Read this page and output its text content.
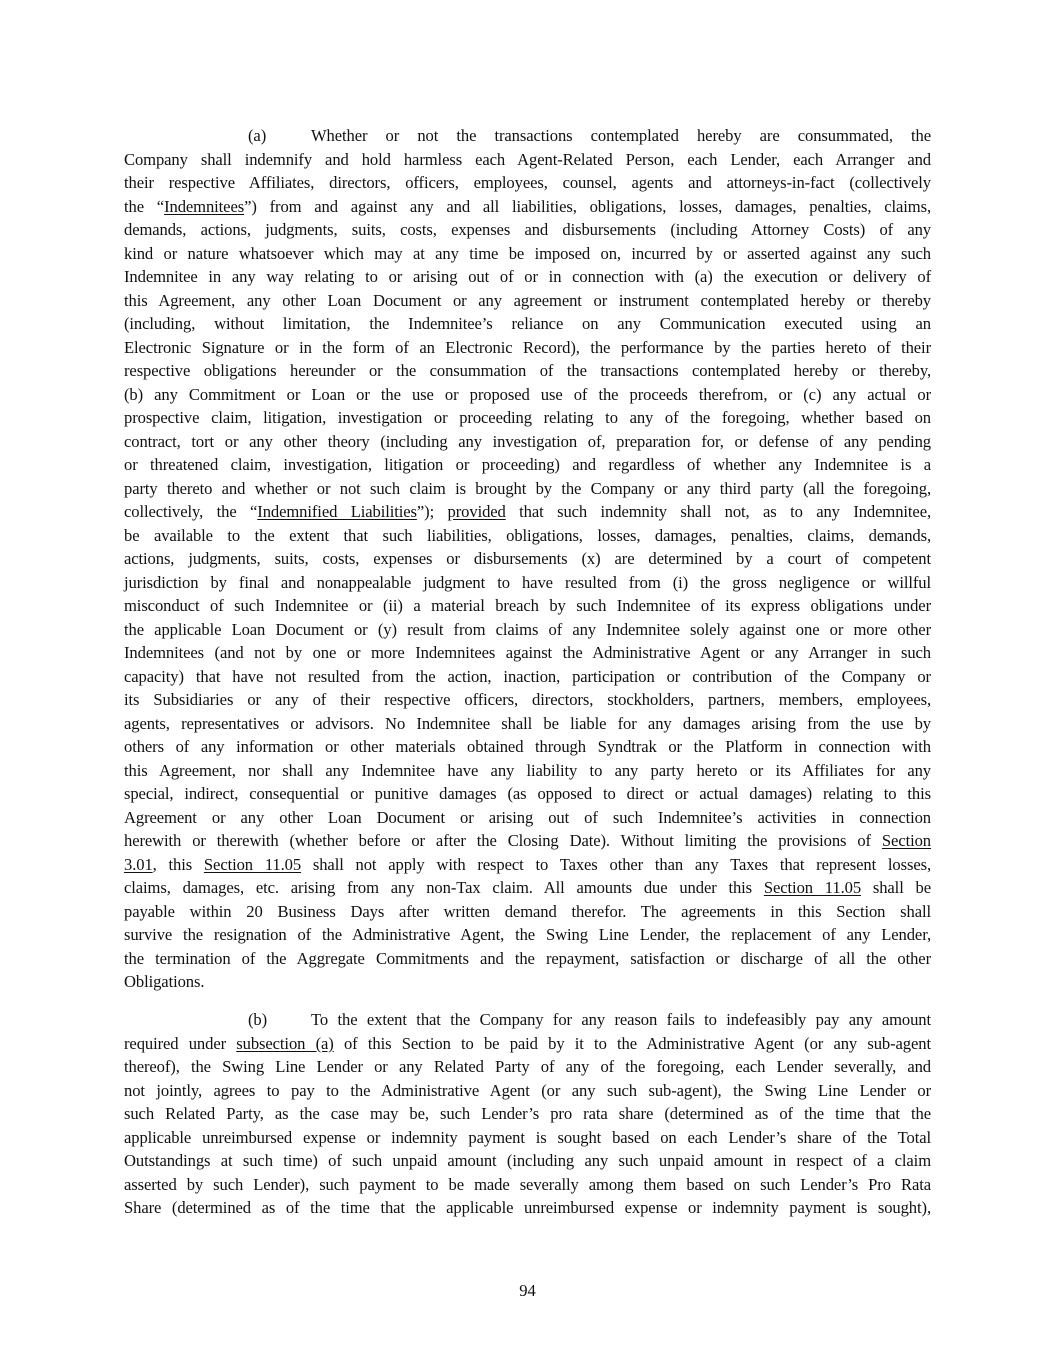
(a)	Whether or not the transactions contemplated hereby are consummated, the
Company shall indemnify and hold harmless each Agent-Related Person, each Lender, each Arranger and
their respective Affiliates, directors, officers, employees, counsel, agents and attorneys-in-fact (collectively
the “Indemnitees”) from and against any and all liabilities, obligations, losses, damages, penalties, claims,
demands, actions, judgments, suits, costs, expenses and disbursements (including Attorney Costs) of any
kind or nature whatsoever which may at any time be imposed on, incurred by or asserted against any such
Indemnitee in any way relating to or arising out of or in connection with (a) the execution or delivery of
this Agreement, any other Loan Document or any agreement or instrument contemplated hereby or thereby
(including, without limitation, the Indemnitee’s reliance on any Communication executed using an
Electronic Signature or in the form of an Electronic Record), the performance by the parties hereto of their
respective obligations hereunder or the consummation of the transactions contemplated hereby or thereby,
(b) any Commitment or Loan or the use or proposed use of the proceeds therefrom, or (c) any actual or
prospective claim, litigation, investigation or proceeding relating to any of the foregoing, whether based on
contract, tort or any other theory (including any investigation of, preparation for, or defense of any pending
or threatened claim, investigation, litigation or proceeding) and regardless of whether any Indemnitee is a
party thereto and whether or not such claim is brought by the Company or any third party (all the foregoing,
collectively, the “Indemnified Liabilities”); provided that such indemnity shall not, as to any Indemnitee,
be available to the extent that such liabilities, obligations, losses, damages, penalties, claims, demands,
actions, judgments, suits, costs, expenses or disbursements (x) are determined by a court of competent
jurisdiction by final and nonappealable judgment to have resulted from (i) the gross negligence or willful
misconduct of such Indemnitee or (ii) a material breach by such Indemnitee of its express obligations under
the applicable Loan Document or (y) result from claims of any Indemnitee solely against one or more other
Indemnitees (and not by one or more Indemnitees against the Administrative Agent or any Arranger in such
capacity) that have not resulted from the action, inaction, participation or contribution of the Company or
its Subsidiaries or any of their respective officers, directors, stockholders, partners, members, employees,
agents, representatives or advisors. No Indemnitee shall be liable for any damages arising from the use by
others of any information or other materials obtained through Syndtrak or the Platform in connection with
this Agreement, nor shall any Indemnitee have any liability to any party hereto or its Affiliates for any
special, indirect, consequential or punitive damages (as opposed to direct or actual damages) relating to this
Agreement or any other Loan Document or arising out of such Indemnitee’s activities in connection
herewith or therewith (whether before or after the Closing Date). Without limiting the provisions of Section
3.01, this Section 11.05 shall not apply with respect to Taxes other than any Taxes that represent losses,
claims, damages, etc. arising from any non-Tax claim. All amounts due under this Section 11.05 shall be
payable within 20 Business Days after written demand therefor. The agreements in this Section shall
survive the resignation of the Administrative Agent, the Swing Line Lender, the replacement of any Lender,
the termination of the Aggregate Commitments and the repayment, satisfaction or discharge of all the other
Obligations.
(b)	To the extent that the Company for any reason fails to indefeasibly pay any amount
required under subsection (a) of this Section to be paid by it to the Administrative Agent (or any sub-agent
thereof), the Swing Line Lender or any Related Party of any of the foregoing, each Lender severally, and
not jointly, agrees to pay to the Administrative Agent (or any such sub-agent), the Swing Line Lender or
such Related Party, as the case may be, such Lender’s pro rata share (determined as of the time that the
applicable unreimbursed expense or indemnity payment is sought based on each Lender’s share of the Total
Outstandings at such time) of such unpaid amount (including any such unpaid amount in respect of a claim
asserted by such Lender), such payment to be made severally among them based on such Lender’s Pro Rata
Share (determined as of the time that the applicable unreimbursed expense or indemnity payment is sought),
94
